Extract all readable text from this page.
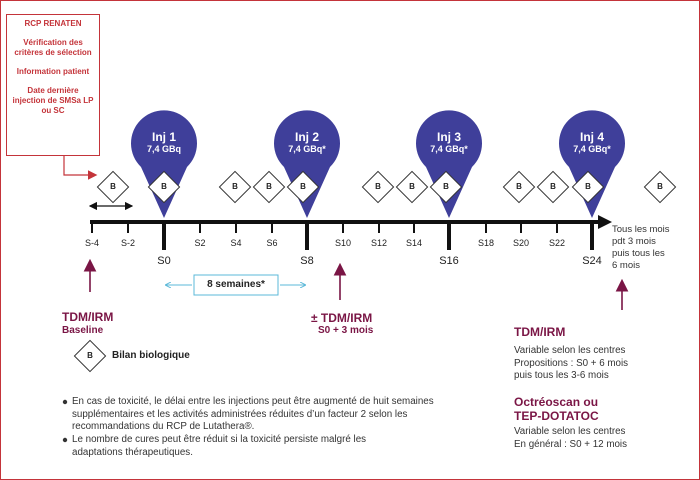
RCP RENATEN
Vérification des critères de sélection
Information patient
Date dernière injection de SMSa LP ou SC
Inj 1
7,4 GBq
Inj 2
7,4 GBq*
Inj 3
7,4 GBq*
Inj 4
7,4 GBq*
B	B	B	B	B	B	B	B	B	B	B	B
S-4 S-2	S2	S4	S6	S10 S12 S14	S18 S20 S22
S0	S8	S16	S24
Tous les mois
pdt 3 mois
puis tous les
6 mois
8 semaines*
TDM/IRM
Baseline
± TDM/IRM
S0 + 3 mois
B	Bilan biologique
En cas de toxicité, le délai entre les injections peut être augmenté de huit semaines supplémentaires et les activités administrées réduites d’un facteur 2 selon les recommandations du RCP de Lutathera®.
Le nombre de cures peut être réduit si la toxicité persiste malgré les adaptations thérapeutiques.
TDM/IRM
Variable selon les centres
Propositions : S0 + 6 mois
puis tous les 3-6 mois
Octréoscan ou
TEP-DOTATOC
Variable selon les centres
En général : S0 + 12 mois
